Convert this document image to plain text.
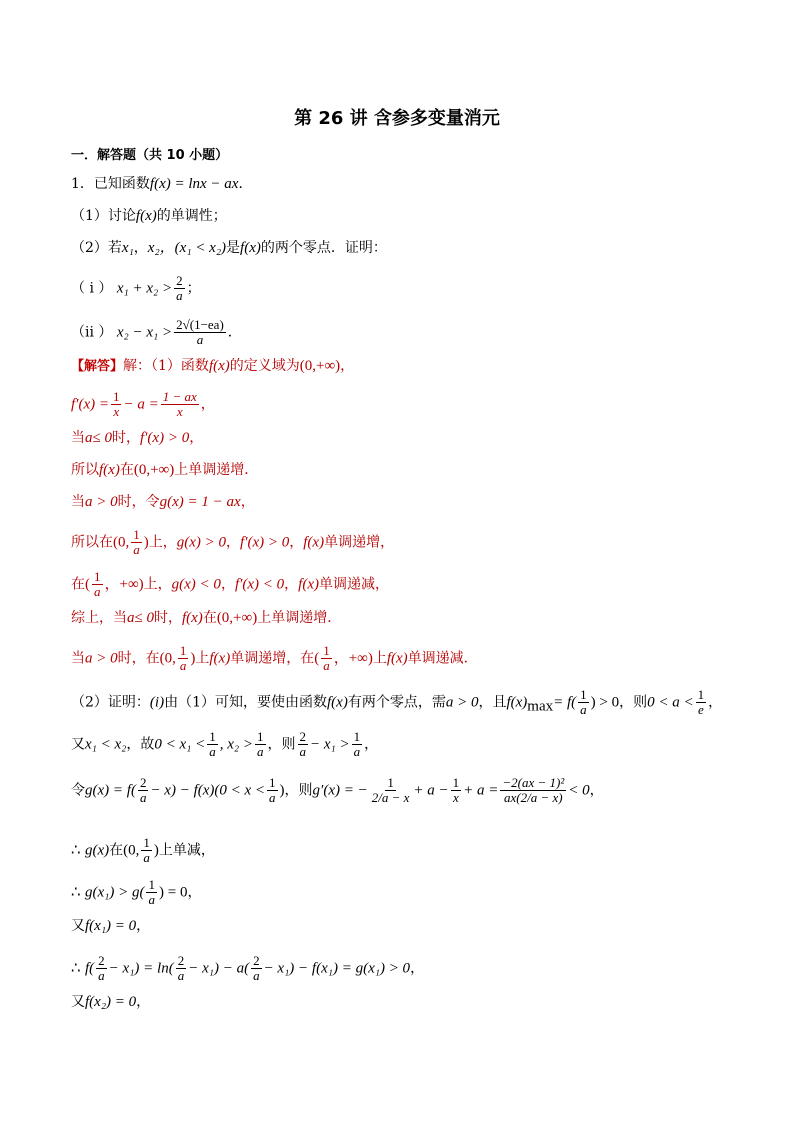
第 26 讲 含参多变量消元
一．解答题（共 10 小题）
1．已知函数f(x) = lnx − ax．
（1）讨论f(x)的单调性；
（2）若x₁，x₂，(x₁ < x₂)是f(x)的两个零点．证明：
（ i ） $x_1 + x_2 > \frac{2}{a}$ ；
（ii ） $x_2 - x_1 > \frac{2√(1-ea)}{a}$ ．
【解答】解：（1）函数f(x)的定义域为(0,+∞)，
$f'(x) = \frac{1}{x} - a = \frac{1 - ax}{x}$ ，
当a≤ 0时，f′(x) > 0，
所以f(x)在(0,+∞)上单调递增．
当a > 0时，令g(x) = 1 − ax，
所以在(0, $\frac{1}{a}$ )上，g(x) > 0，f′(x) > 0，f(x)单调递增，
在( $\frac{1}{a}$ ，+∞)上，g(x) < 0，f′(x) < 0，f(x)单调递减，
综上，当a≤ 0时，f(x)在(0,+∞)上单调递增．
当a > 0时，在(0, $\frac{1}{a}$ )上f(x)单调递增，在( $\frac{1}{a}$ ，+∞)上f(x)单调递减．
（2）证明：(i)由（1）可知，要使由函数f(x)有两个零点，需a > 0，且$f(x)_{max}= f( \frac{1}{a}$ ) > 0，则$0 < a < \frac{1}{e}$ ，
又x₁ < x₂，故$0 < x_1 < \frac{1}{a}$ , $x_2 > \frac{1}{a}$ ，则 $\frac{2}{a} - x_1 > \frac{1}{a}$ ，
令$g(x) = f( \frac{2}{a} - x) - f(x)(0 < x < \frac{1}{a}$ )，则g′(x) = − $\frac{1}{2/a - x} + a - \frac{1}{x} + a = \frac{\text{−2(ax − 1)²}}{ax(2/a - x)} < 0$，
∴ g(x)在(0, $\frac{1}{a}$ )上单减，
∴ $g(x_1) > g( \frac{1}{a}$ ) = 0，
又f(x₁) = 0，
∴ $f( \frac{2}{a} - x_1) = \ln( \frac{2}{a} - x_1) - a( \frac{2}{a} - x_1) - f(x_1) = g(x_1) > 0$，
又f(x₂) = 0，
